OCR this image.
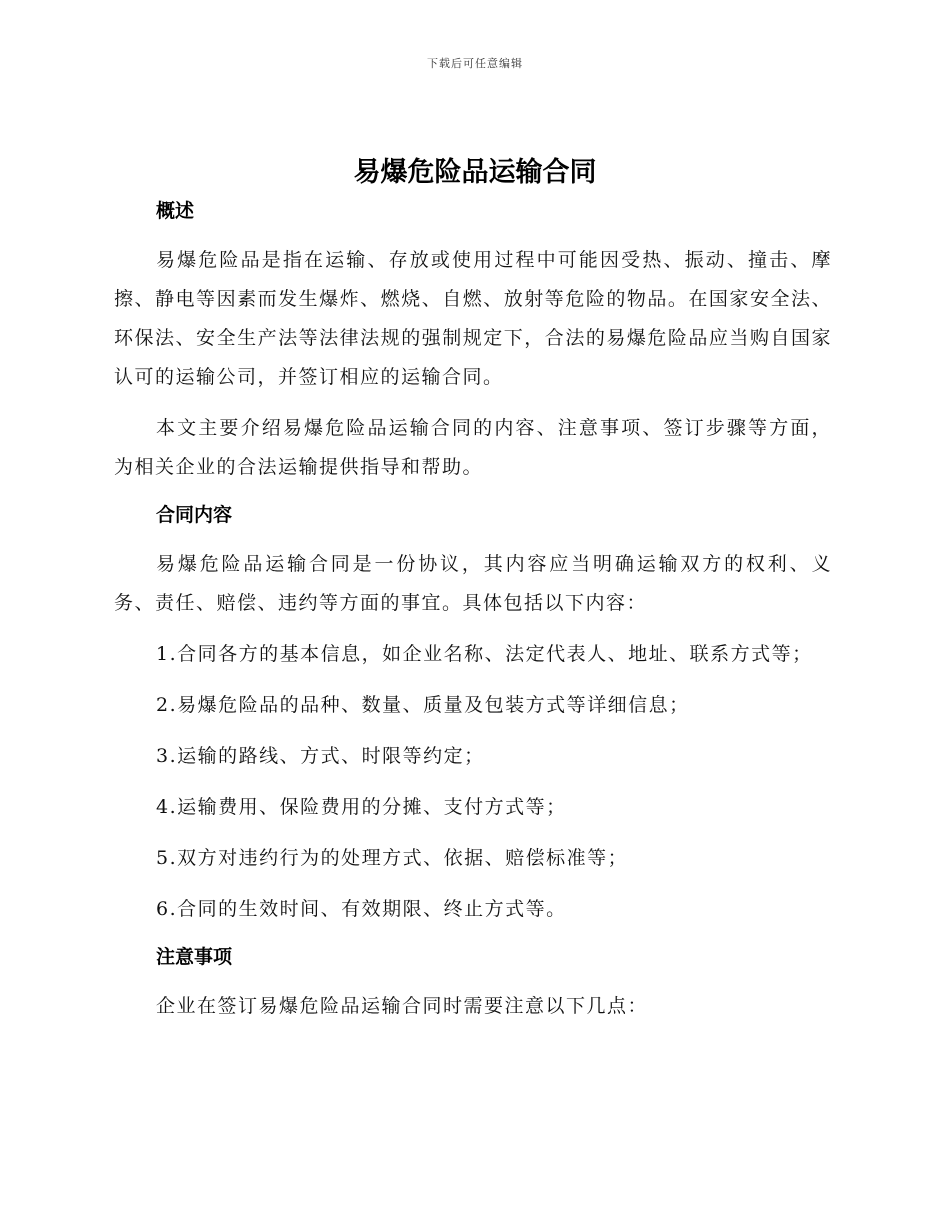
下载后可任意编辑
易爆危险品运输合同
概述

易爆危险品是指在运输、存放或使用过程中可能因受热、振动、撞击、摩擦、静电等因素而发生爆炸、燃烧、自燃、放射等危险的物品。在国家安全法、环保法、安全生产法等法律法规的强制规定下，合法的易爆危险品应当购自国家认可的运输公司，并签订相应的运输合同。

本文主要介绍易爆危险品运输合同的内容、注意事项、签订步骤等方面，为相关企业的合法运输提供指导和帮助。

合同内容

易爆危险品运输合同是一份协议，其内容应当明确运输双方的权利、义务、责任、赔偿、违约等方面的事宜。具体包括以下内容：

1.合同各方的基本信息，如企业名称、法定代表人、地址、联系方式等；

2.易爆危险品的品种、数量、质量及包装方式等详细信息；

3.运输的路线、方式、时限等约定；

4.运输费用、保险费用的分摊、支付方式等；

5.双方对违约行为的处理方式、依据、赔偿标准等；

6.合同的生效时间、有效期限、终止方式等。

注意事项

企业在签订易爆危险品运输合同时需要注意以下几点：
